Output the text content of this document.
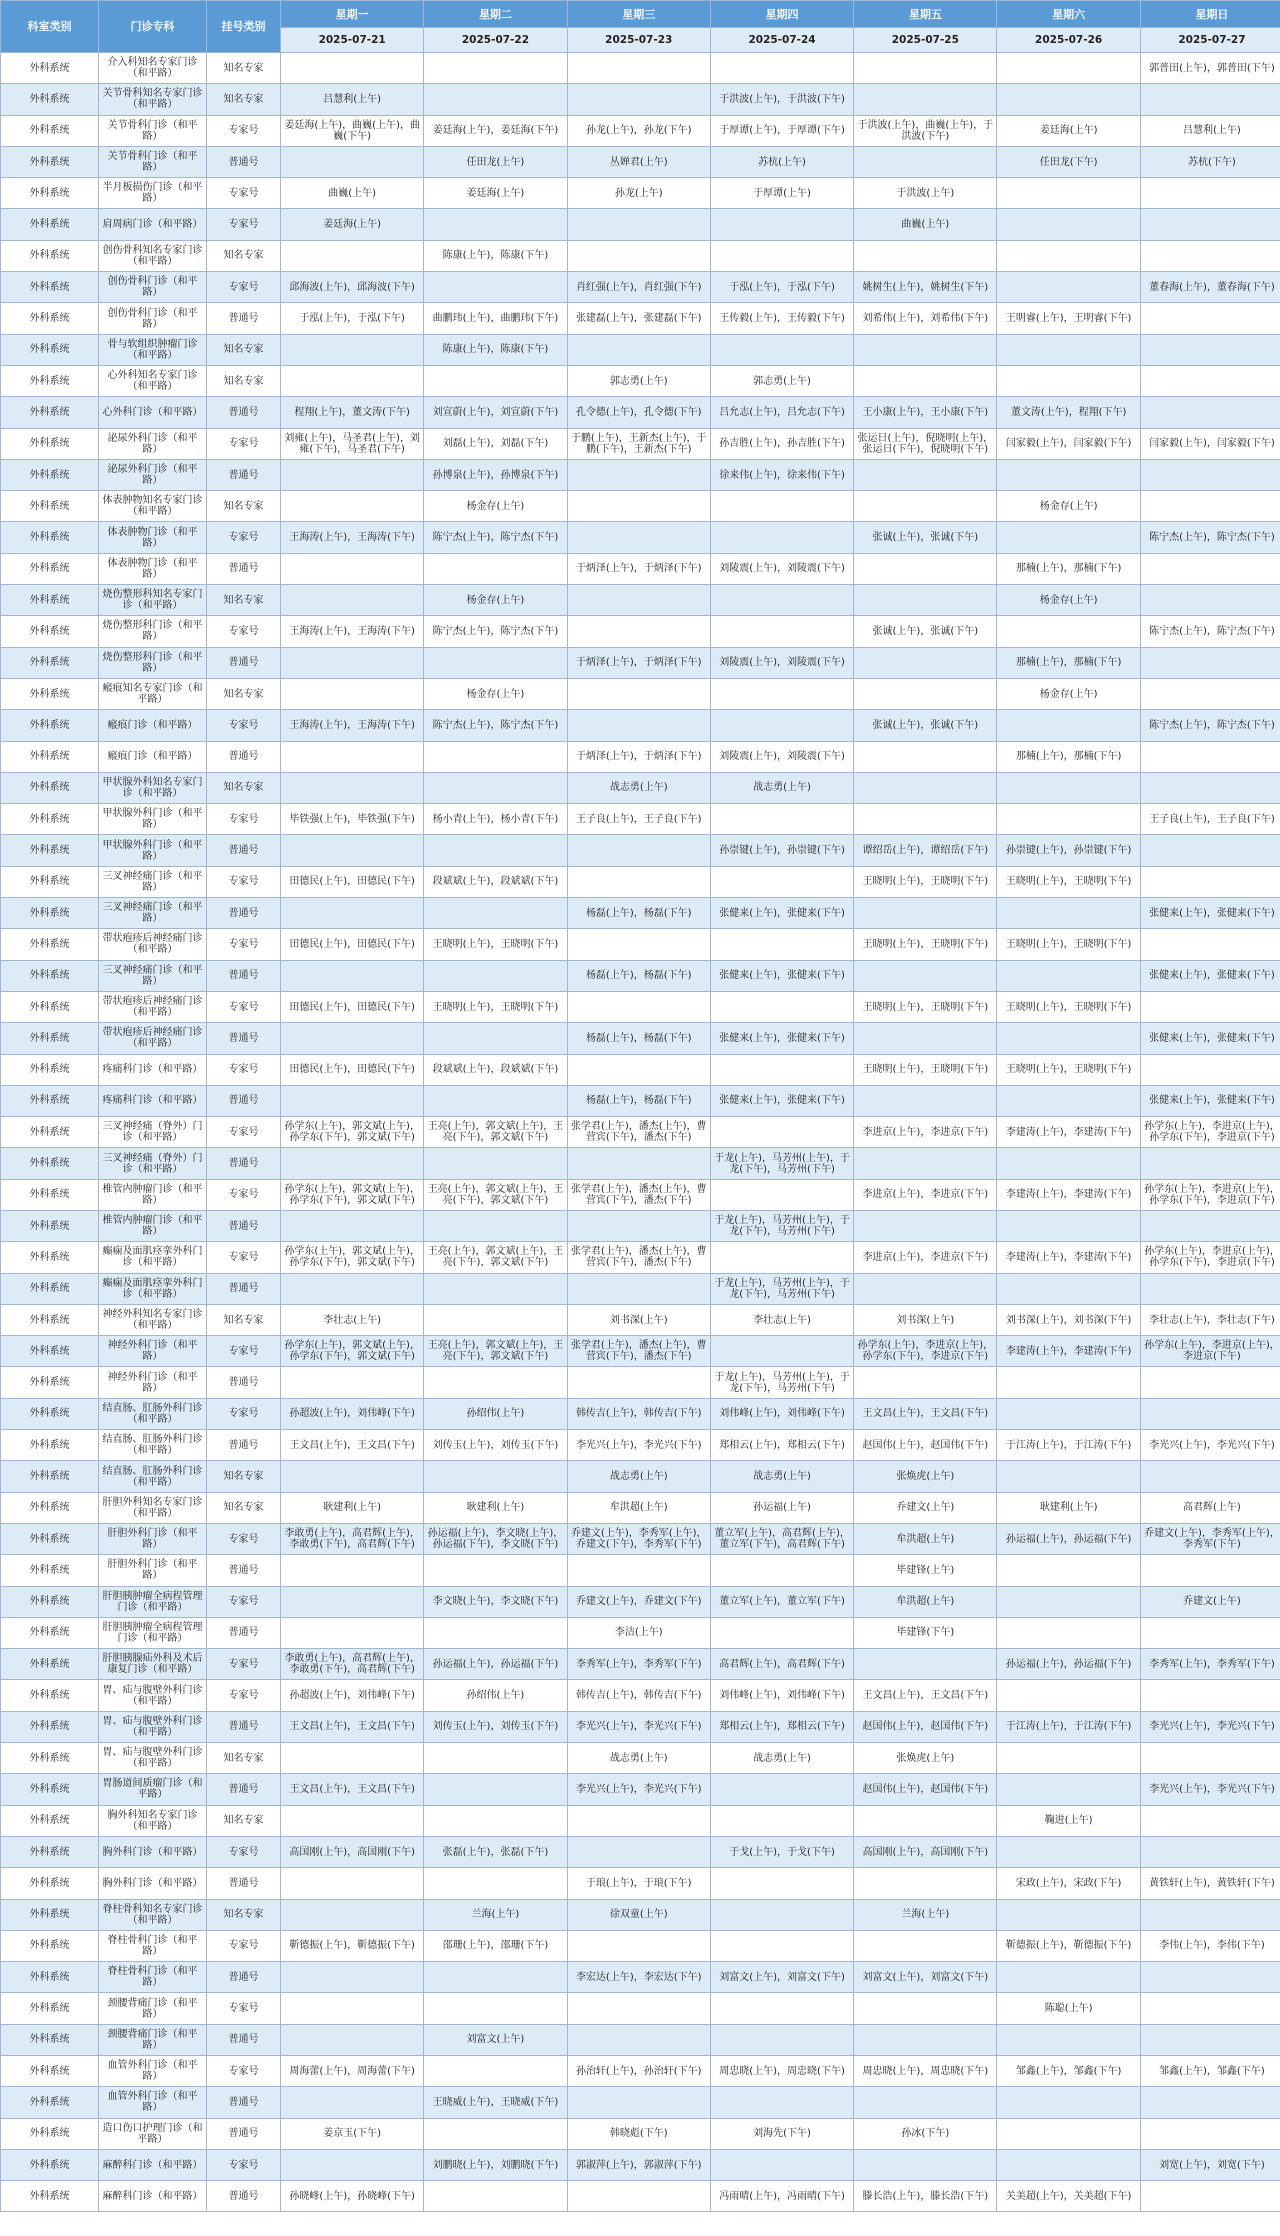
科室类别	门诊专科	挂号类别	星期一	星期二	星期三	星期四	星期五	星期六	星期日
			2025-07-21	2025-07-22	2025-07-23	2025-07-24	2025-07-25	2025-07-26	2025-07-27
外科系统	介入科知名专家门诊（和平路）	知名专家							郭普田(上午)，郭普田(下午)
外科系统	关节骨科知名专家门诊（和平路）	知名专家	吕慧利(上午)			于洪波(上午)，于洪波(下午)			
外科系统	关节骨科门诊（和平路）	专家号	姜廷海(上午)，曲巍(上午)，曲巍(下午)	姜廷海(上午)，姜廷海(下午)	孙龙(上午)，孙龙(下午)	于厚谭(上午)，于厚谭(下午)	于洪波(上午)，曲巍(上午)，于洪波(下午)	姜廷海(上午)	吕慧利(上午)
外科系统	关节骨科门诊（和平路）	普通号		任田龙(上午)	丛婵君(上午)	苏杭(上午)		任田龙(下午)	苏杭(下午)
外科系统	半月板损伤门诊（和平路）	专家号	曲巍(上午)	姜廷海(上午)	孙龙(上午)	于厚谭(上午)	于洪波(上午)		
外科系统	肩周病门诊（和平路）	专家号	姜廷海(上午)				曲巍(上午)		
外科系统	创伤骨科知名专家门诊（和平路）	知名专家		陈康(上午)，陈康(下午)					
外科系统	创伤骨科门诊（和平路）	专家号	邱海波(上午)，邱海波(下午)		肖红强(上午)，肖红强(下午)	于泓(上午)，于泓(下午)	姚树生(上午)，姚树生(下午)		董春海(上午)，董春海(下午)
外科系统	创伤骨科门诊（和平路）	普通号	于泓(上午)，于泓(下午)	曲鹏玮(上午)，曲鹏玮(下午)	张建磊(上午)，张建磊(下午)	王传毅(上午)，王传毅(下午)	刘希伟(上午)，刘希伟(下午)	王明睿(上午)，王明睿(下午)	
外科系统	骨与软组织肿瘤门诊（和平路）	知名专家		陈康(上午)，陈康(下午)					
外科系统	心外科知名专家门诊（和平路）	知名专家			郭志勇(上午)	郭志勇(上午)			
外科系统	心外科门诊（和平路）	普通号	程翔(上午)，董文涛(下午)	刘宣蔚(上午)，刘宣蔚(下午)	孔令德(上午)，孔令德(下午)	吕允志(上午)，吕允志(下午)	王小康(上午)，王小康(下午)	董文涛(上午)，程翔(下午)	
外科系统	泌尿外科门诊（和平路）	专家号	刘雍(上午)，马圣君(上午)，刘雍(下午)，马圣君(下午)	刘磊(上午)，刘磊(下午)	于鹏(上午)，王新杰(上午)，于鹏(下午)，王新杰(下午)	孙吉胜(上午)，孙吉胜(下午)	张运日(上午)，倪晓明(上午)，张运日(下午)，倪晓明(下午)	闫家毅(上午)，闫家毅(下午)	闫家毅(上午)，闫家毅(下午)
外科系统	泌尿外科门诊（和平路）	普通号		孙博泉(上午)，孙博泉(下午)		徐来伟(上午)，徐来伟(下午)			
外科系统	体表肿物知名专家门诊（和平路）	知名专家		杨金存(上午)				杨金存(上午)	
外科系统	体表肿物门诊（和平路）	专家号	王海涛(上午)，王海涛(下午)	陈宁杰(上午)，陈宁杰(下午)			张诚(上午)，张诚(下午)		陈宁杰(上午)，陈宁杰(下午)
外科系统	体表肿物门诊（和平路）	普通号			于炳泽(上午)，于炳泽(下午)	刘陵震(上午)，刘陵震(下午)		那楠(上午)，那楠(下午)	
外科系统	烧伤整形科知名专家门诊（和平路）	知名专家		杨金存(上午)				杨金存(上午)	
外科系统	烧伤整形科门诊（和平路）	专家号	王海涛(上午)，王海涛(下午)	陈宁杰(上午)，陈宁杰(下午)			张诚(上午)，张诚(下午)		陈宁杰(上午)，陈宁杰(下午)
外科系统	烧伤整形科门诊（和平路）	普通号			于炳泽(上午)，于炳泽(下午)	刘陵震(上午)，刘陵震(下午)		那楠(上午)，那楠(下午)	
外科系统	瘢痕知名专家门诊（和平路）	知名专家		杨金存(上午)				杨金存(上午)	
外科系统	瘢痕门诊（和平路）	专家号	王海涛(上午)，王海涛(下午)	陈宁杰(上午)，陈宁杰(下午)			张诚(上午)，张诚(下午)		陈宁杰(上午)，陈宁杰(下午)
外科系统	瘢痕门诊（和平路）	普通号			于炳泽(上午)，于炳泽(下午)	刘陵震(上午)，刘陵震(下午)		那楠(上午)，那楠(下午)	
外科系统	甲状腺外科知名专家门诊（和平路）	知名专家			战志勇(上午)	战志勇(上午)			
外科系统	甲状腺外科门诊（和平路）	专家号	毕铁强(上午)，毕铁强(下午)	杨小青(上午)，杨小青(下午)	王子良(上午)，王子良(下午)				王子良(上午)，王子良(下午)
外科系统	甲状腺外科门诊（和平路）	普通号				孙崇键(上午)，孙崇键(下午)	谭绍岳(上午)，谭绍岳(下午)	孙崇键(上午)，孙崇键(下午)	
外科系统	三叉神经痛门诊（和平路）	专家号	田德民(上午)，田德民(下午)	段斌斌(上午)，段斌斌(下午)			王晓明(上午)，王晓明(下午)	王晓明(上午)，王晓明(下午)	
外科系统	三叉神经痛门诊（和平路）	普通号			杨磊(上午)，杨磊(下午)	张健来(上午)，张健来(下午)			张健来(上午)，张健来(下午)
外科系统	带状疱疹后神经痛门诊（和平路）	专家号	田德民(上午)，田德民(下午)	王晓明(上午)，王晓明(下午)			王晓明(上午)，王晓明(下午)	王晓明(上午)，王晓明(下午)	
外科系统	三叉神经痛门诊（和平路）	普通号			杨磊(上午)，杨磊(下午)	张健来(上午)，张健来(下午)			张健来(上午)，张健来(下午)
外科系统	带状疱疹后神经痛门诊（和平路）	专家号	田德民(上午)，田德民(下午)	王晓明(上午)，王晓明(下午)			王晓明(上午)，王晓明(下午)	王晓明(上午)，王晓明(下午)	
外科系统	带状疱疹后神经痛门诊（和平路）	普通号			杨磊(上午)，杨磊(下午)	张健来(上午)，张健来(下午)			张健来(上午)，张健来(下午)
外科系统	疼痛科门诊（和平路）	专家号	田德民(上午)，田德民(下午)	段斌斌(上午)，段斌斌(下午)			王晓明(上午)，王晓明(下午)	王晓明(上午)，王晓明(下午)	
外科系统	疼痛科门诊（和平路）	普通号			杨磊(上午)，杨磊(下午)	张健来(上午)，张健来(下午)			张健来(上午)，张健来(下午)
外科系统	三叉神经痛（脊外）门诊（和平路）	专家号	孙学东(上午)，郭文斌(上午)，孙学东(下午)，郭文斌(下午)	王亮(上午)，郭文斌(上午)，王亮(下午)，郭文斌(下午)	张学君(上午)，潘杰(上午)，曹营宾(下午)，潘杰(下午)		李进京(上午)，李进京(下午)	李建涛(上午)，李建涛(下午)	孙学东(上午)，李进京(上午)，孙学东(下午)，李进京(下午)
外科系统	三叉神经痛（脊外）门诊（和平路）	普通号				于龙(上午)，马芳州(上午)，于龙(下午)，马芳州(下午)			
外科系统	椎管内肿瘤门诊（和平路）	专家号	孙学东(上午)，郭文斌(上午)，孙学东(下午)，郭文斌(下午)	王亮(上午)，郭文斌(上午)，王亮(下午)，郭文斌(下午)	张学君(上午)，潘杰(上午)，曹营宾(下午)，潘杰(下午)		李进京(上午)，李进京(下午)	李建涛(上午)，李建涛(下午)	孙学东(上午)，李进京(上午)，孙学东(下午)，李进京(下午)
外科系统	椎管内肿瘤门诊（和平路）	普通号				于龙(上午)，马芳州(上午)，于龙(下午)，马芳州(下午)			
外科系统	癫痫及面肌痉挛外科门诊（和平路）	专家号	孙学东(上午)，郭文斌(上午)，孙学东(下午)，郭文斌(下午)	王亮(上午)，郭文斌(上午)，王亮(下午)，郭文斌(下午)	张学君(上午)，潘杰(上午)，曹营宾(下午)，潘杰(下午)		李进京(上午)，李进京(下午)	李建涛(上午)，李建涛(下午)	孙学东(上午)，李进京(上午)，孙学东(下午)，李进京(下午)
外科系统	癫痫及面肌痉挛外科门诊（和平路）	普通号				于龙(上午)，马芳州(上午)，于龙(下午)，马芳州(下午)			
外科系统	神经外科知名专家门诊（和平路）	知名专家	李壮志(上午)		刘书深(上午)	李壮志(上午)	刘书深(上午)	刘书深(上午)，刘书深(下午)	李壮志(上午)，李壮志(下午)
外科系统	神经外科门诊（和平路）	专家号	孙学东(上午)，郭文斌(上午)，孙学东(下午)，郭文斌(下午)	王亮(上午)，郭文斌(上午)，王亮(下午)，郭文斌(下午)	张学君(上午)，潘杰(上午)，曹营宾(下午)，潘杰(下午)		孙学东(上午)，李进京(上午)，孙学东(下午)，李进京(下午)	李建涛(上午)，李建涛(下午)	孙学东(上午)，李进京(上午)，李进京(下午)
外科系统	神经外科门诊（和平路）	普通号				于龙(上午)，马芳州(上午)，于龙(下午)，马芳州(下午)			
外科系统	结直肠、肛肠外科门诊（和平路）	专家号	孙超波(上午)，刘伟峰(下午)	孙绍伟(上午)	韩传吉(上午)，韩传吉(下午)	刘伟峰(上午)，刘伟峰(下午)	王文昌(上午)，王文昌(下午)		
外科系统	结直肠、肛肠外科门诊（和平路）	普通号	王文昌(上午)，王文昌(下午)	刘传玉(上午)，刘传玉(下午)	李光兴(上午)，李光兴(下午)	郑相云(上午)，郑相云(下午)	赵国伟(上午)，赵国伟(下午)	于江涛(上午)，于江涛(下午)	李光兴(上午)，李光兴(下午)
外科系统	结直肠、肛肠外科门诊（和平路）	知名专家			战志勇(上午)	战志勇(上午)	张焕虎(上午)		
外科系统	肝胆外科知名专家门诊（和平路）	知名专家	耿建利(上午)	耿建利(上午)	牟洪超(上午)	孙运福(上午)	乔建文(上午)	耿建利(上午)	高君辉(上午)
外科系统	肝胆外科门诊（和平路）	专家号	李敢勇(上午)，高君辉(上午)，李敢勇(下午)，高君辉(下午)	孙运福(上午)，李文晓(上午)，孙运福(下午)，李文晓(下午)	乔建文(上午)，李秀军(上午)，乔建文(下午)，李秀军(下午)	董立军(上午)，高君辉(上午)，董立军(下午)，高君辉(下午)	牟洪超(上午)	孙运福(上午)，孙运福(下午)	乔建文(上午)，李秀军(上午)，李秀军(下午)
外科系统	肝胆外科门诊（和平路）	普通号					毕建锋(上午)		
外科系统	肝胆胰肿瘤全病程管理门诊（和平路）	专家号		李文晓(上午)，李文晓(下午)	乔建文(上午)，乔建文(下午)	董立军(上午)，董立军(下午)	牟洪超(上午)		乔建文(上午)
外科系统	肝胆胰肿瘤全病程管理门诊（和平路）	普通号			李洁(上午)		毕建锋(下午)		
外科系统	肝胆胰腺疝外科及术后康复门诊（和平路）	专家号	李敢勇(上午)，高君辉(上午)，李敢勇(下午)，高君辉(下午)	孙运福(上午)，孙运福(下午)	李秀军(上午)，李秀军(下午)	高君辉(上午)，高君辉(下午)		孙运福(上午)，孙运福(下午)	李秀军(上午)，李秀军(下午)
外科系统	胃、疝与腹壁外科门诊（和平路）	专家号	孙超波(上午)，刘伟峰(下午)	孙绍伟(上午)	韩传吉(上午)，韩传吉(下午)	刘伟峰(上午)，刘伟峰(下午)	王文昌(上午)，王文昌(下午)		
外科系统	胃、疝与腹壁外科门诊（和平路）	普通号	王文昌(上午)，王文昌(下午)	刘传玉(上午)，刘传玉(下午)	李光兴(上午)，李光兴(下午)	郑相云(上午)，郑相云(下午)	赵国伟(上午)，赵国伟(下午)	于江涛(上午)，于江涛(下午)	李光兴(上午)，李光兴(下午)
外科系统	胃、疝与腹壁外科门诊（和平路）	知名专家			战志勇(上午)	战志勇(上午)	张焕虎(上午)		
外科系统	胃肠道间质瘤门诊（和平路）	普通号	王文昌(上午)，王文昌(下午)		李光兴(上午)，李光兴(下午)		赵国伟(上午)，赵国伟(下午)		李光兴(上午)，李光兴(下午)
外科系统	胸外科知名专家门诊（和平路）	知名专家						鞠进(上午)	
外科系统	胸外科门诊（和平路）	专家号	高国刚(上午)，高国刚(下午)	张磊(上午)，张磊(下午)		于戈(上午)，于戈(下午)	高国刚(上午)，高国刚(下午)		
外科系统	胸外科门诊（和平路）	普通号			于琅(上午)，于琅(下午)			宋政(上午)，宋政(下午)	黄铁轩(上午)，黄铁轩(下午)
外科系统	脊柱骨科知名专家门诊（和平路）	知名专家		兰海(上午)	徐双童(上午)		兰海(上午)		
外科系统	脊柱骨科门诊（和平路）	专家号	靳德振(上午)，靳德振(下午)	邵珊(上午)，邵珊(下午)				靳德振(上午)，靳德振(下午)	李伟(上午)，李伟(下午)
外科系统	脊柱骨科门诊（和平路）	普通号			李宏达(上午)，李宏达(下午)	刘富文(上午)，刘富文(下午)	刘富文(上午)，刘富文(下午)		
外科系统	颈腰背痛门诊（和平路）	专家号						陈聪(上午)	
外科系统	颈腰背痛门诊（和平路）	普通号		刘富文(上午)					
外科系统	血管外科门诊（和平路）	专家号	周海蕾(上午)，周海蕾(下午)		孙治轩(上午)，孙治轩(下午)	周忠晓(上午)，周忠晓(下午)	周忠晓(上午)，周忠晓(下午)	邹鑫(上午)，邹鑫(下午)	邹鑫(上午)，邹鑫(下午)
外科系统	血管外科门诊（和平路）	普通号		王晓威(上午)，王晓威(下午)					
外科系统	造口伤口护理门诊（和平路）	普通号	姜京玉(下午)		韩晓彪(下午)	刘海先(下午)	孙冰(下午)		
外科系统	麻醉科门诊（和平路）	专家号		刘鹏晓(上午)，刘鹏晓(下午)	郭淑萍(上午)，郭淑萍(下午)				刘宽(上午)，刘宽(下午)
外科系统	麻醉科门诊（和平路）	普通号	孙晓峰(上午)，孙晓峰(下午)			冯雨晴(上午)，冯雨晴(下午)	滕长浩(上午)，滕长浩(下午)	关美超(上午)，关美超(下午)	
